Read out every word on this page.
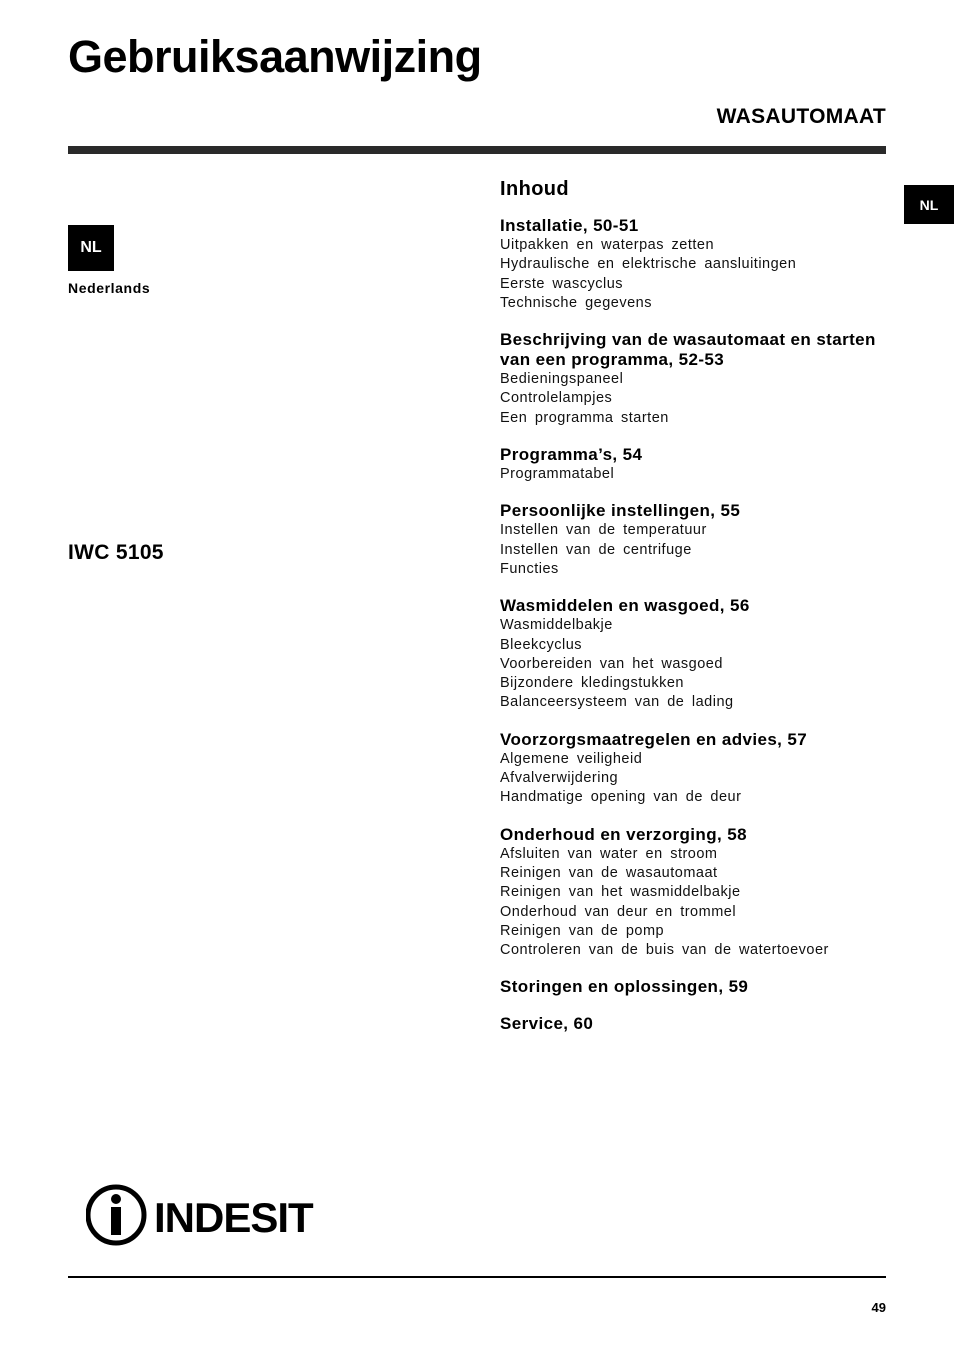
Gebruiksaanwijzing
WASAUTOMAAT
NL
Nederlands
NL
IWC 5105
Inhoud
Installatie, 50-51
Uitpakken en waterpas zetten
Hydraulische en elektrische aansluitingen
Eerste wascyclus
Technische gegevens
Beschrijving van de wasautomaat en starten van een programma, 52-53
Bedieningspaneel
Controlelampjes
Een programma starten
Programma’s, 54
Programmatabel
Persoonlijke instellingen, 55
Instellen van de temperatuur
Instellen van de centrifuge
Functies
Wasmiddelen en wasgoed, 56
Wasmiddelbakje
Bleekcyclus
Voorbereiden van het wasgoed
Bijzondere kledingstukken
Balanceersysteem van de lading
Voorzorgsmaatregelen en advies, 57
Algemene veiligheid
Afvalverwijdering
Handmatige opening van de deur
Onderhoud en verzorging, 58
Afsluiten van water en stroom
Reinigen van de wasautomaat
Reinigen van het wasmiddelbakje
Onderhoud van deur en trommel
Reinigen van de pomp
Controleren van de buis van de watertoevoer
Storingen en oplossingen, 59
Service, 60
INDESIT
49
